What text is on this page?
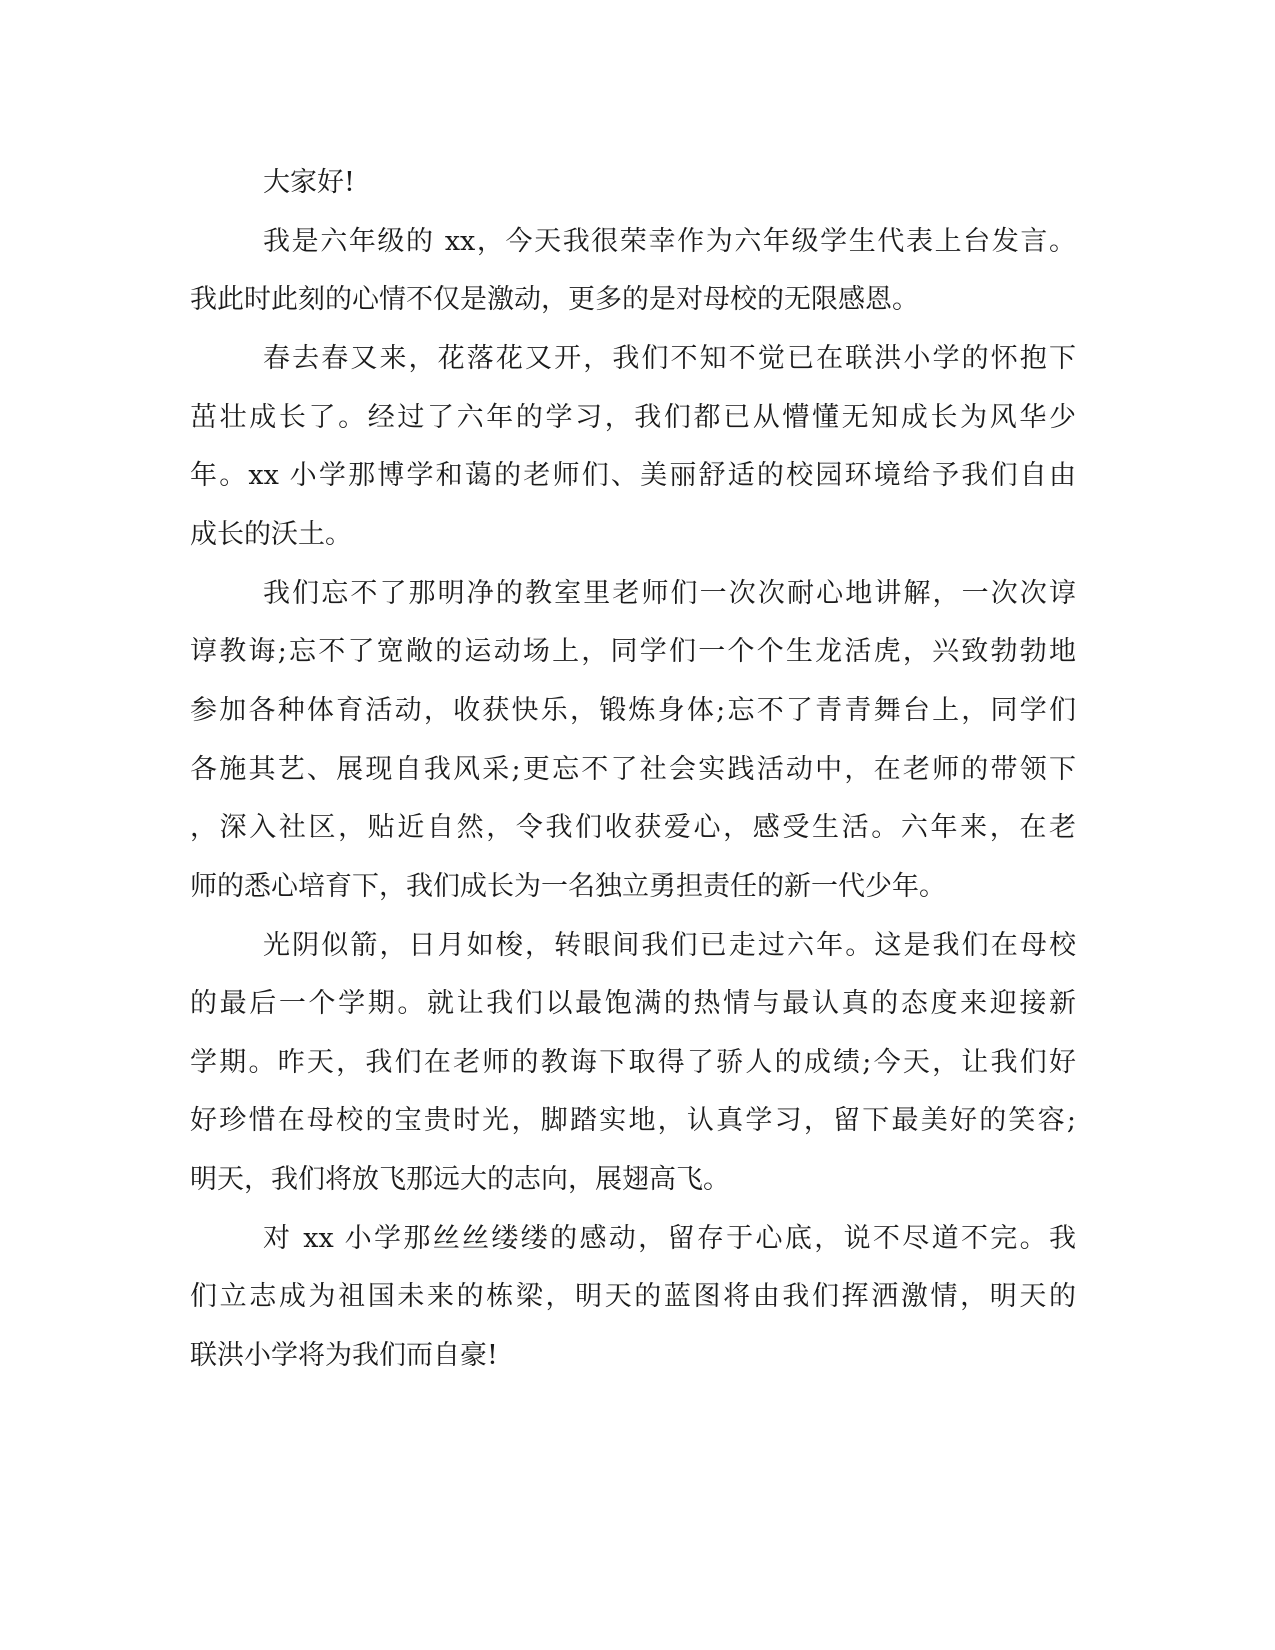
大家好!

我是六年级的 xx，今天我很荣幸作为六年级学生代表上台发言。

我此时此刻的心情不仅是激动，更多的是对母校的无限感恩。

春去春又来，花落花又开，我们不知不觉已在联洪小学的怀抱下

茁壮成长了。经过了六年的学习，我们都已从懵懂无知成长为风华少

年。xx 小学那博学和蔼的老师们、美丽舒适的校园环境给予我们自由

成长的沃土。

我们忘不了那明净的教室里老师们一次次耐心地讲解，一次次谆

谆教诲;忘不了宽敞的运动场上，同学们一个个生龙活虎，兴致勃勃地

参加各种体育活动，收获快乐，锻炼身体;忘不了青青舞台上，同学们

各施其艺、展现自我风采;更忘不了社会实践活动中，在老师的带领下

，深入社区，贴近自然，令我们收获爱心，感受生活。六年来，在老

师的悉心培育下，我们成长为一名独立勇担责任的新一代少年。

光阴似箭，日月如梭，转眼间我们已走过六年。这是我们在母校

的最后一个学期。就让我们以最饱满的热情与最认真的态度来迎接新

学期。昨天，我们在老师的教诲下取得了骄人的成绩;今天，让我们好

好珍惜在母校的宝贵时光，脚踏实地，认真学习，留下最美好的笑容;

明天，我们将放飞那远大的志向，展翅高飞。

对 xx 小学那丝丝缕缕的感动，留存于心底，说不尽道不完。我

们立志成为祖国未来的栋梁，明天的蓝图将由我们挥洒激情，明天的

联洪小学将为我们而自豪!
